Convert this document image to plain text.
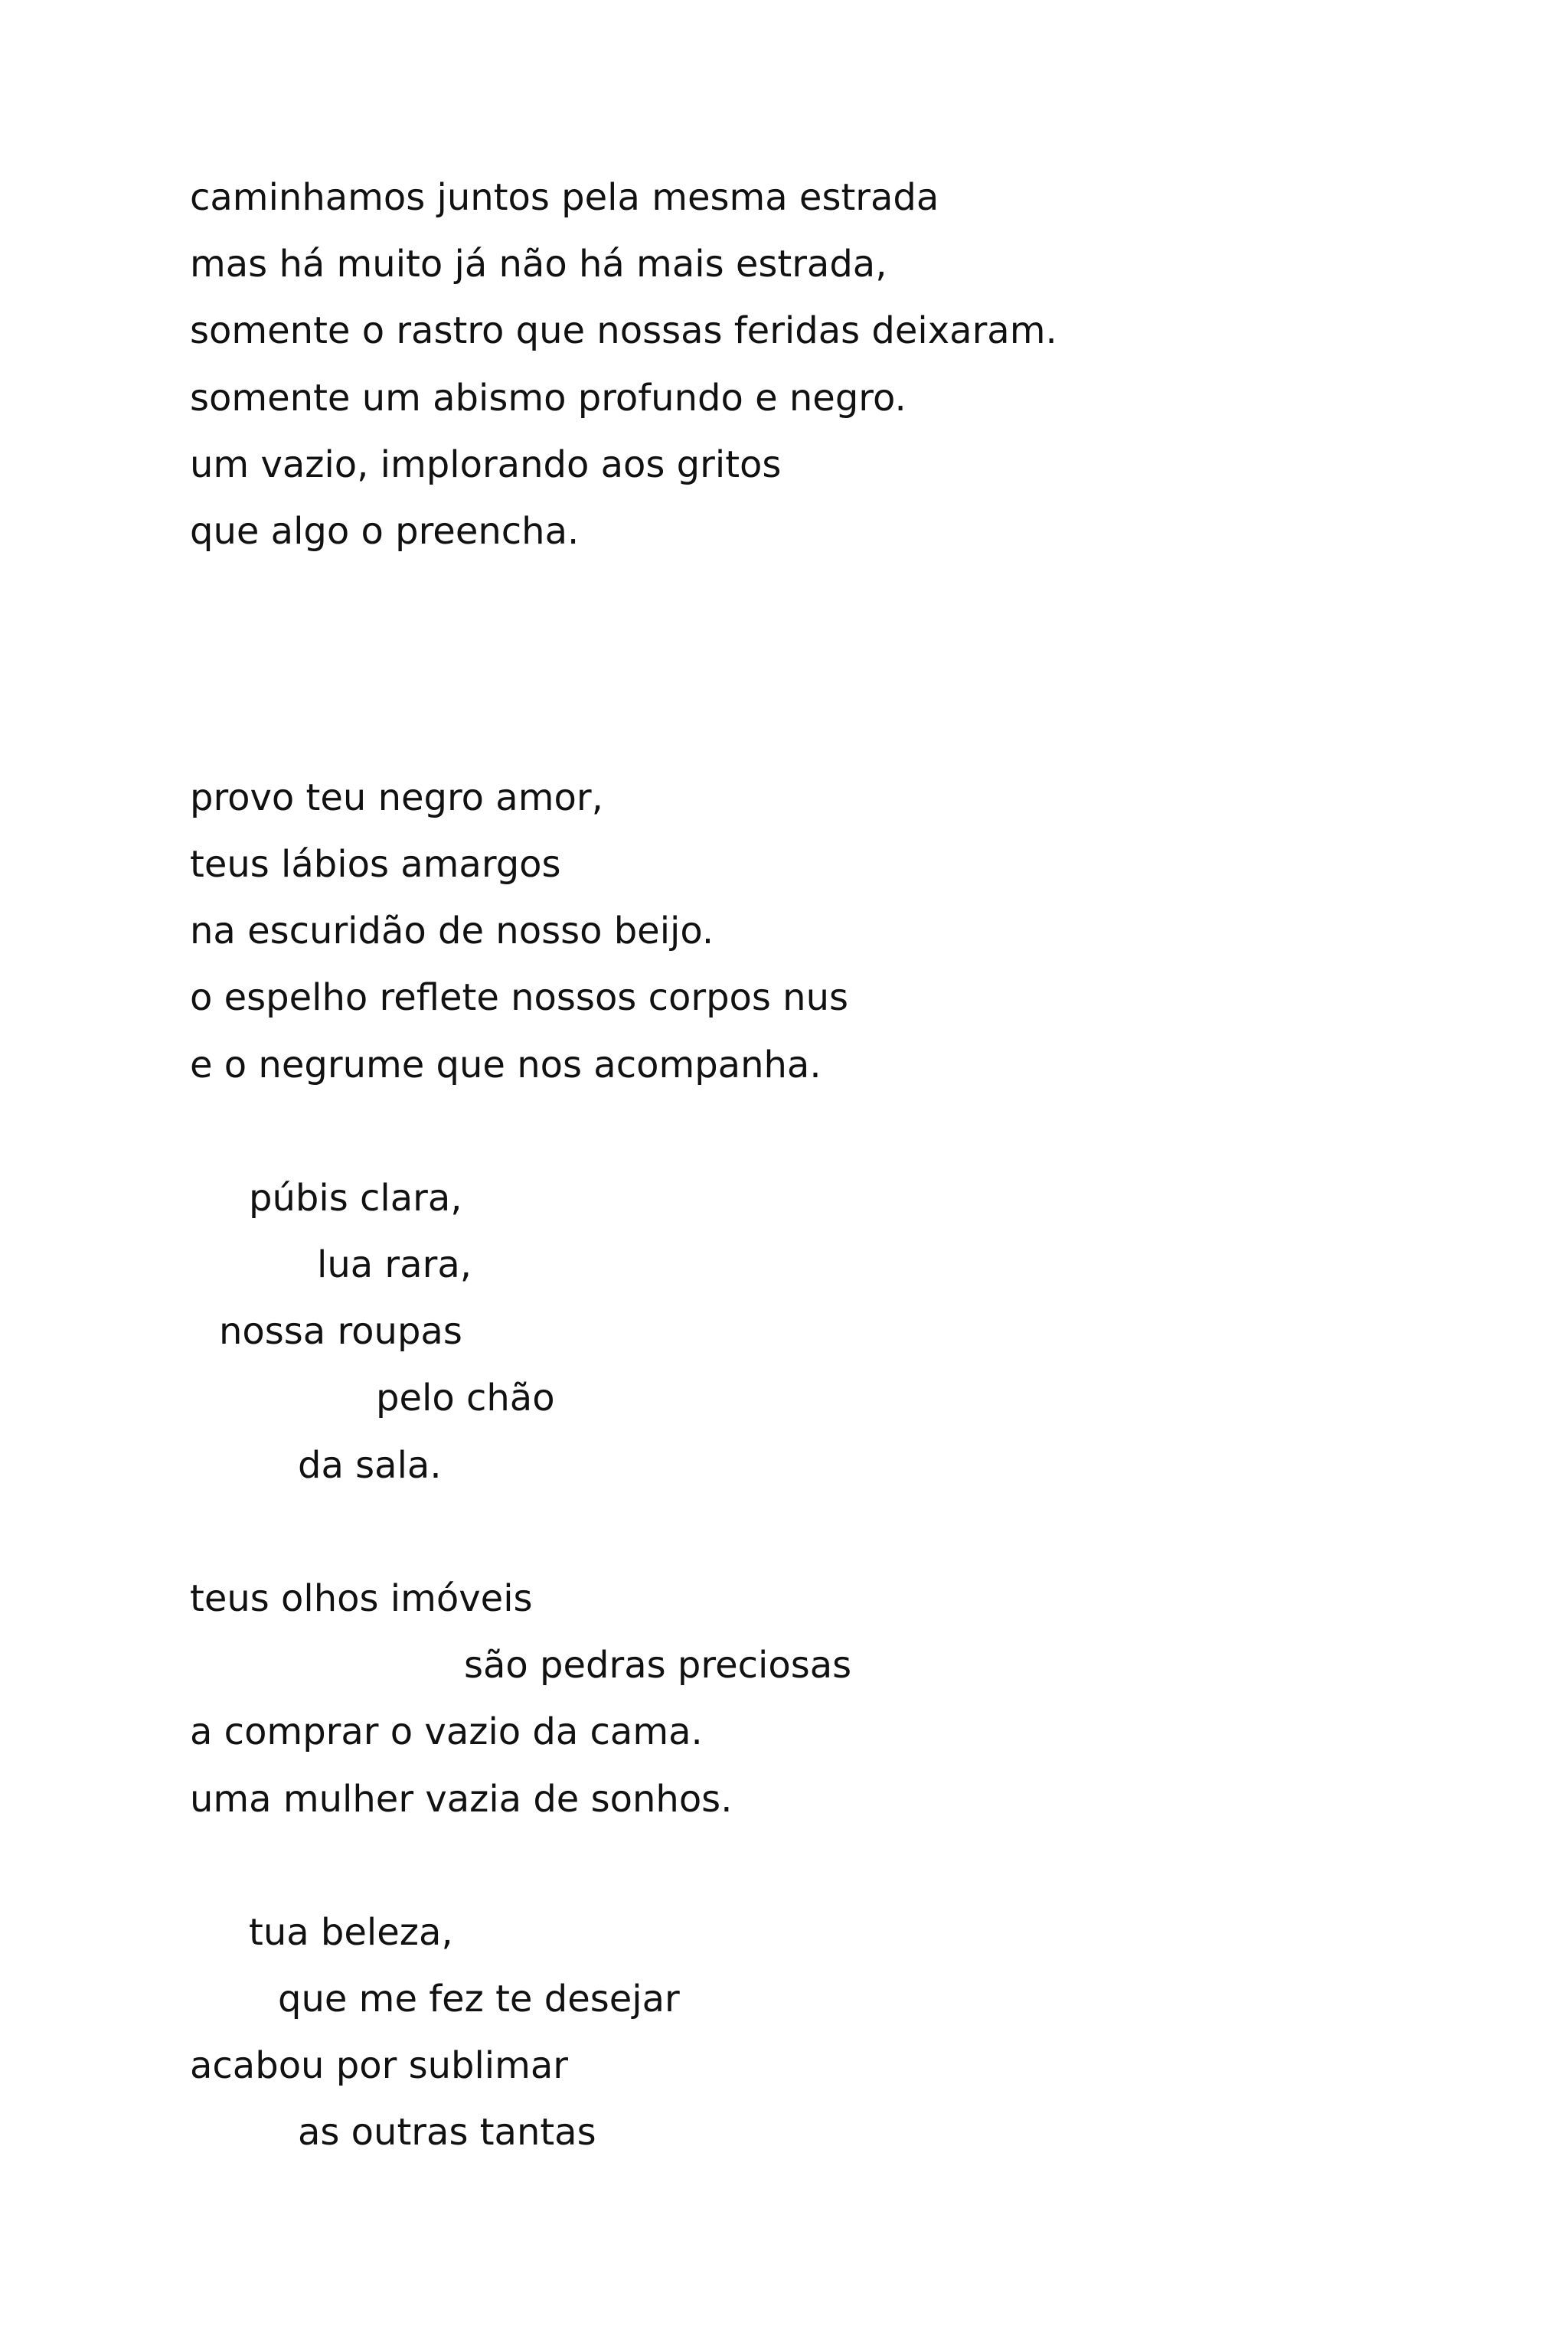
caminhamos juntos pela mesma estrada
mas há muito já não há mais estrada,
somente o rastro que nossas feridas deixaram.
somente um abismo profundo e negro.
um vazio, implorando aos gritos
que algo o preencha.
provo teu negro amor,
teus lábios amargos
na escuridão de nosso beijo.
o espelho reflete nossos corpos nus
e o negrume que nos acompanha.
púbis clara,
lua rara,
nossa roupas
pelo chão
da sala.
teus olhos imóveis
são pedras preciosas
a comprar o vazio da cama.
uma mulher vazia de sonhos.
tua beleza,
que me fez te desejar
acabou por sublimar
as outras tantas
